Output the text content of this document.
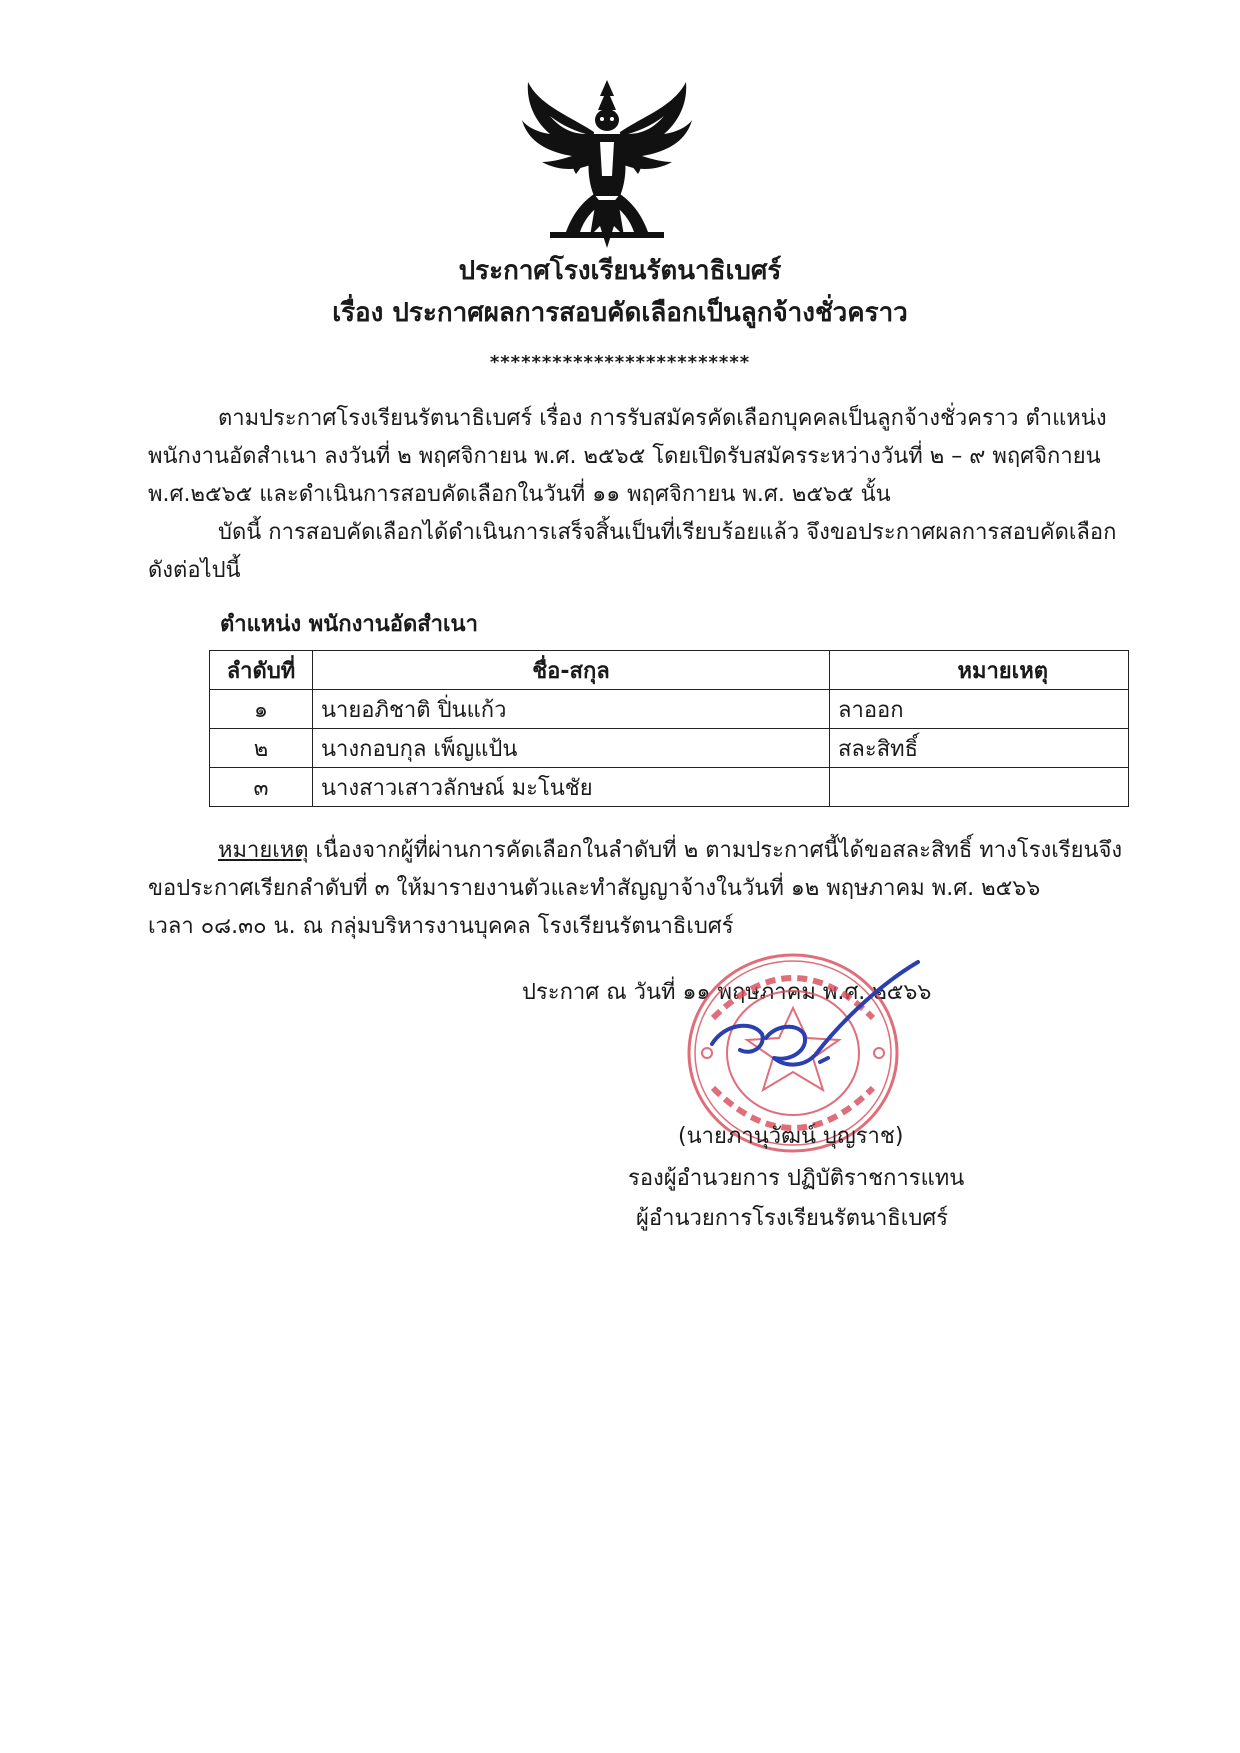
ประกาศโรงเรียนรัตนาธิเบศร์
เรื่อง ประกาศผลการสอบคัดเลือกเป็นลูกจ้างชั่วคราว
*************************
ตามประกาศโรงเรียนรัตนาธิเบศร์ เรื่อง การรับสมัครคัดเลือกบุคคลเป็นลูกจ้างชั่วคราว ตำแหน่ง
พนักงานอัดสำเนา ลงวันที่ ๒ พฤศจิกายน พ.ศ. ๒๕๖๕ โดยเปิดรับสมัครระหว่างวันที่ ๒ – ๙ พฤศจิกายน
พ.ศ.๒๕๖๕ และดำเนินการสอบคัดเลือกในวันที่ ๑๑ พฤศจิกายน พ.ศ. ๒๕๖๕ นั้น
บัดนี้ การสอบคัดเลือกได้ดำเนินการเสร็จสิ้นเป็นที่เรียบร้อยแล้ว จึงขอประกาศผลการสอบคัดเลือก
ดังต่อไปนี้
ตำแหน่ง พนักงานอัดสำเนา
ลำดับที่	ชื่อ-สกุล	หมายเหตุ
๑	นายอภิชาติ ปิ่นแก้ว	ลาออก
๒	นางกอบกุล เพ็ญแป้น	สละสิทธิ์
๓	นางสาวเสาวลักษณ์ มะโนชัย	
หมายเหตุ เนื่องจากผู้ที่ผ่านการคัดเลือกในลำดับที่ ๒ ตามประกาศนี้ได้ขอสละสิทธิ์ ทางโรงเรียนจึง
ขอประกาศเรียกลำดับที่ ๓ ให้มารายงานตัวและทำสัญญาจ้างในวันที่ ๑๒ พฤษภาคม พ.ศ. ๒๕๖๖
เวลา ๐๘.๓๐ น. ณ กลุ่มบริหารงานบุคคล โรงเรียนรัตนาธิเบศร์
ประกาศ ณ วันที่ ๑๑ พฤษภาคม พ.ศ. ๒๕๖๖
(นายภานุวัฒน์ บุญราช)
รองผู้อำนวยการ ปฏิบัติราชการแทน
ผู้อำนวยการโรงเรียนรัตนาธิเบศร์
